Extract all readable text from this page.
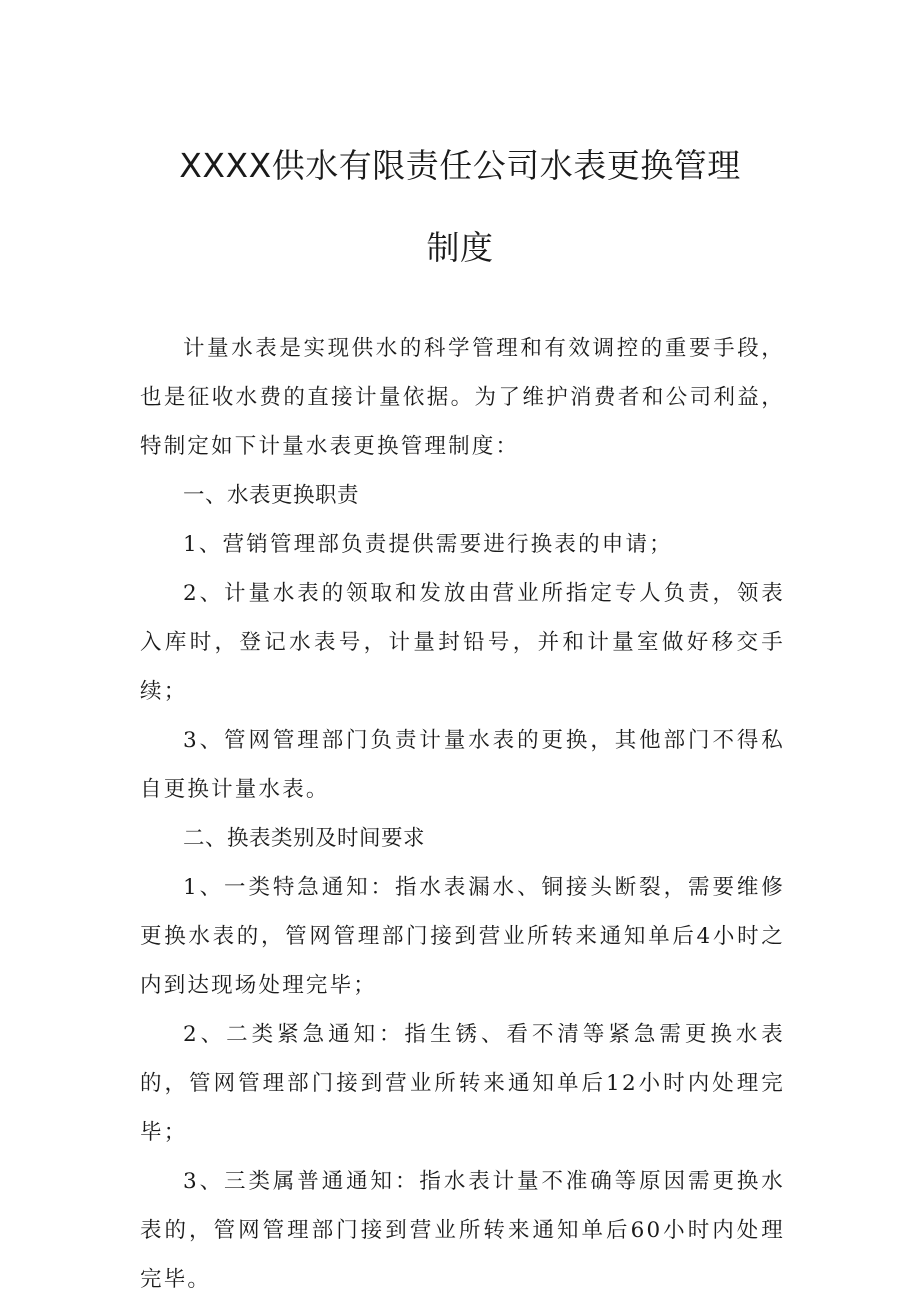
XXXX供水有限责任公司水表更换管理
制度

计量水表是实现供水的科学管理和有效调控的重要手段，也是征收水费的直接计量依据。为了维护消费者和公司利益，特制定如下计量水表更换管理制度：

一、水表更换职责

1、营销管理部负责提供需要进行换表的申请；

2、计量水表的领取和发放由营业所指定专人负责，领表入库时，登记水表号，计量封铅号，并和计量室做好移交手续；

3、管网管理部门负责计量水表的更换，其他部门不得私自更换计量水表。

二、换表类别及时间要求

1、一类特急通知：指水表漏水、铜接头断裂，需要维修更换水表的，管网管理部门接到营业所转来通知单后4小时之内到达现场处理完毕；

2、二类紧急通知：指生锈、看不清等紧急需更换水表的，管网管理部门接到营业所转来通知单后12小时内处理完毕；

3、三类属普通通知：指水表计量不准确等原因需更换水表的，管网管理部门接到营业所转来通知单后60小时内处理完毕。
